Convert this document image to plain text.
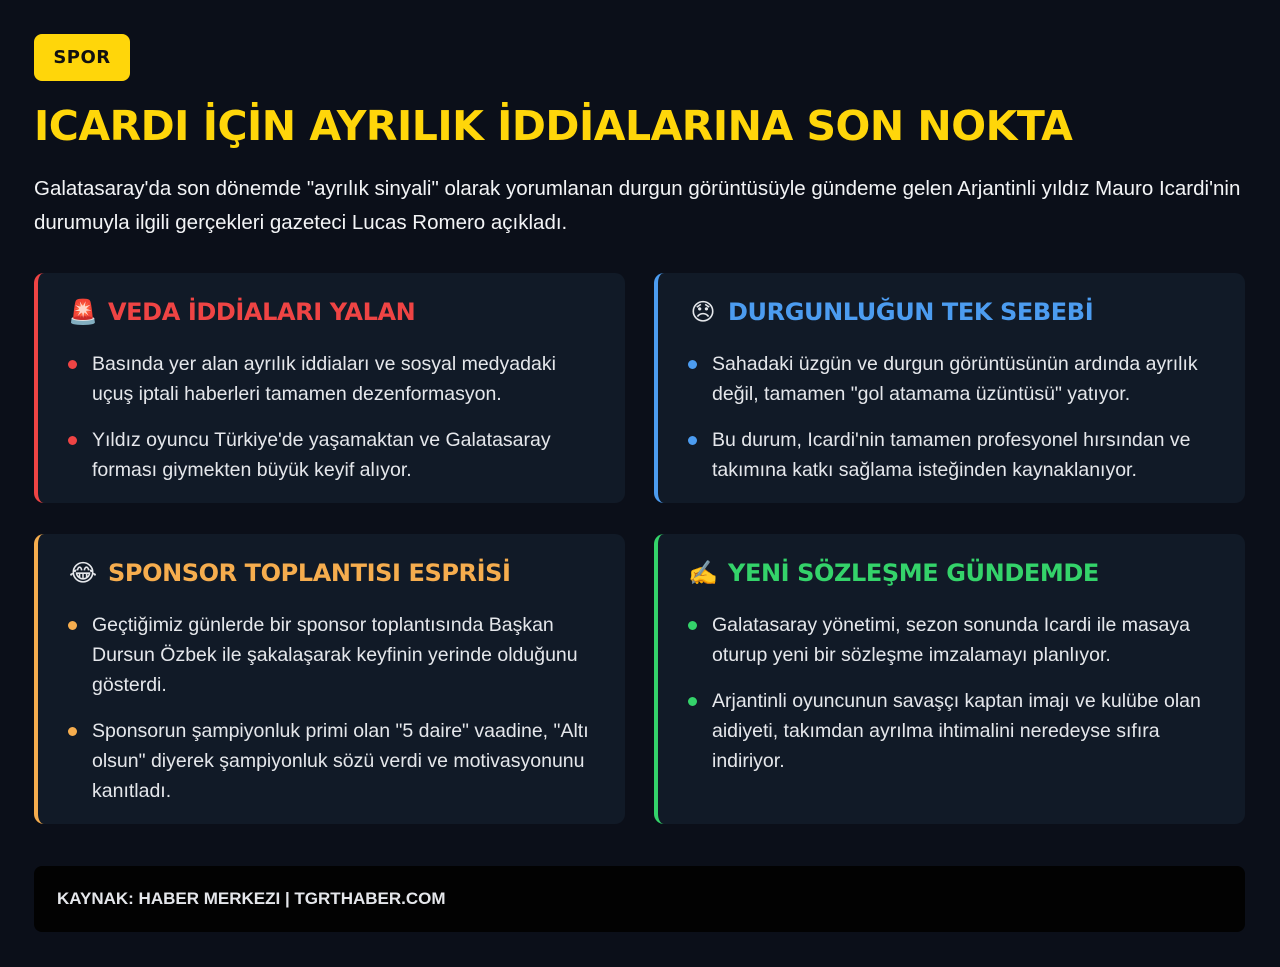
SPOR
ICARDI İÇİN AYRILIK İDDİALARINA SON NOKTA

Galatasaray'da son dönemde "ayrılık sinyali" olarak yorumlanan durgun görüntüsüyle gündeme gelen Arjantinli yıldız Mauro Icardi'nin durumuyla ilgili gerçekleri gazeteci Lucas Romero açıkladı.

🚨 VEDA İDDİALARI YALAN
Basında yer alan ayrılık iddiaları ve sosyal medyadaki uçuş iptali haberleri tamamen dezenformasyon.
Yıldız oyuncu Türkiye'de yaşamaktan ve Galatasaray forması giymekten büyük keyif alıyor.
😞 DURGUNLUĞUN TEK SEBEBİ
Sahadaki üzgün ve durgun görüntüsünün ardında ayrılık değil, tamamen "gol atamama üzüntüsü" yatıyor.
Bu durum, Icardi'nin tamamen profesyonel hırsından ve takımına katkı sağlama isteğinden kaynaklanıyor.
😂 SPONSOR TOPLANTISI ESPRİSİ
Geçtiğimiz günlerde bir sponsor toplantısında Başkan Dursun Özbek ile şakalaşarak keyfinin yerinde olduğunu gösterdi.
Sponsorun şampiyonluk primi olan "5 daire" vaadine, "Altı olsun" diyerek şampiyonluk sözü verdi ve motivasyonunu kanıtladı.
✍️ YENİ SÖZLEŞME GÜNDEMDE
Galatasaray yönetimi, sezon sonunda Icardi ile masaya oturup yeni bir sözleşme imzalamayı planlıyor.
Arjantinli oyuncunun savaşçı kaptan imajı ve kulübe olan aidiyeti, takımdan ayrılma ihtimalini neredeyse sıfıra indiriyor.
KAYNAK: HABER MERKEZI | TGRTHABER.COM
